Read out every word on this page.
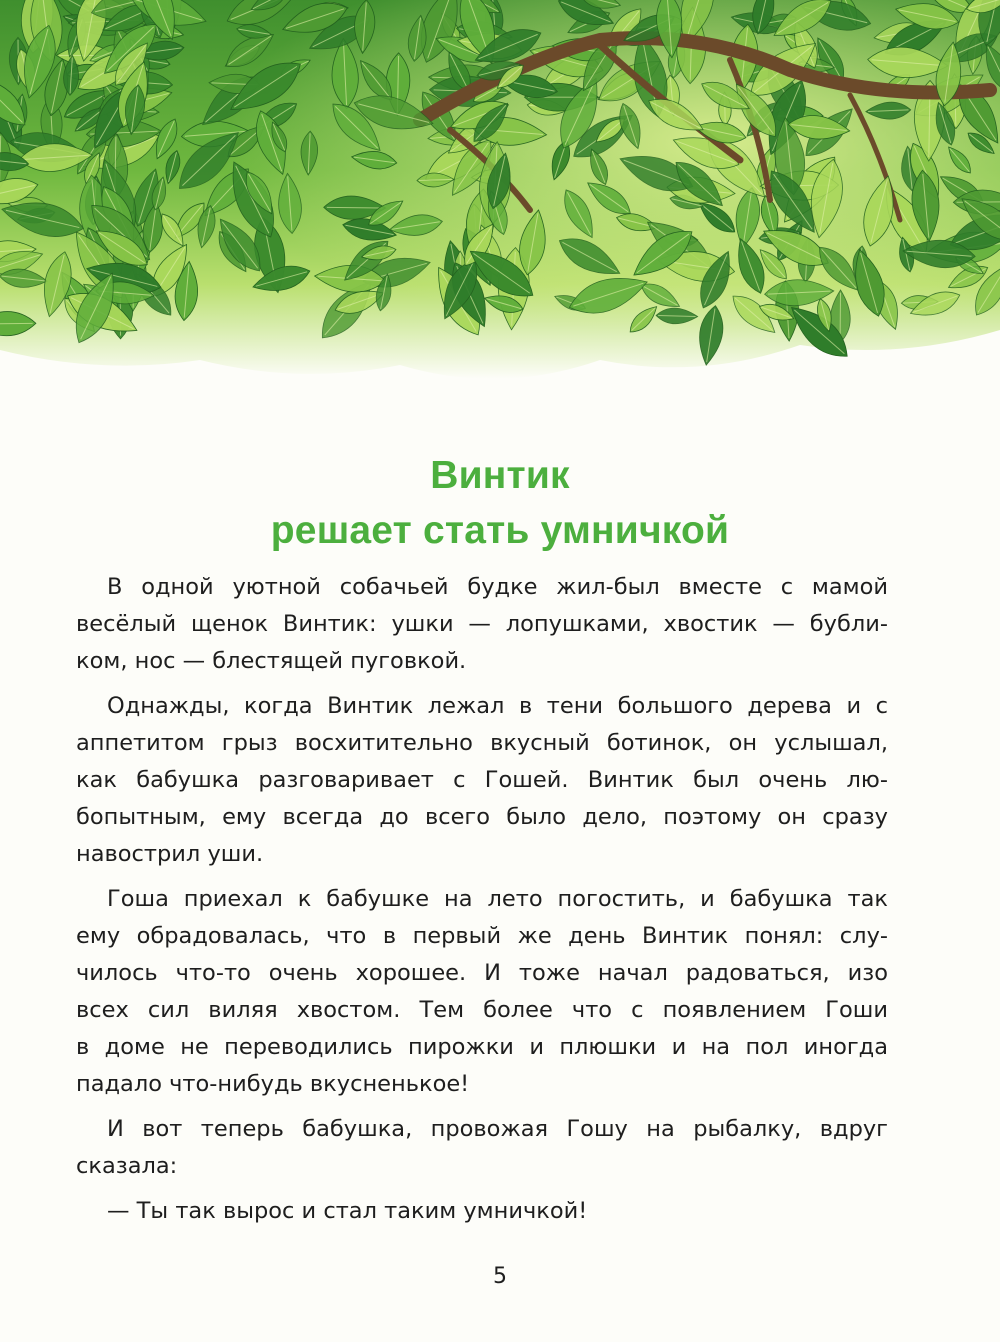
Винтик
решает стать умничкой
В одной уютной собачьей будке жил-был вместе с мамой
весёлый щенок Винтик: ушки — лопушками, хвостик — бубли-
ком, нос — блестящей пуговкой.
Однажды, когда Винтик лежал в тени большого дерева и с
аппетитом грыз восхитительно вкусный ботинок, он услышал,
как бабушка разговаривает с Гошей. Винтик был очень лю-
бопытным, ему всегда до всего было дело, поэтому он сразу
навострил уши.
Гоша приехал к бабушке на лето погостить, и бабушка так
ему обрадовалась, что в первый же день Винтик понял: слу-
чилось что-то очень хорошее. И тоже начал радоваться, изо
всех сил виляя хвостом. Тем более что с появлением Гоши
в доме не переводились пирожки и плюшки и на пол иногда
падало что-нибудь вкусненькое!
И вот теперь бабушка, провожая Гошу на рыбалку, вдруг
сказала:
— Ты так вырос и стал таким умничкой!
5
